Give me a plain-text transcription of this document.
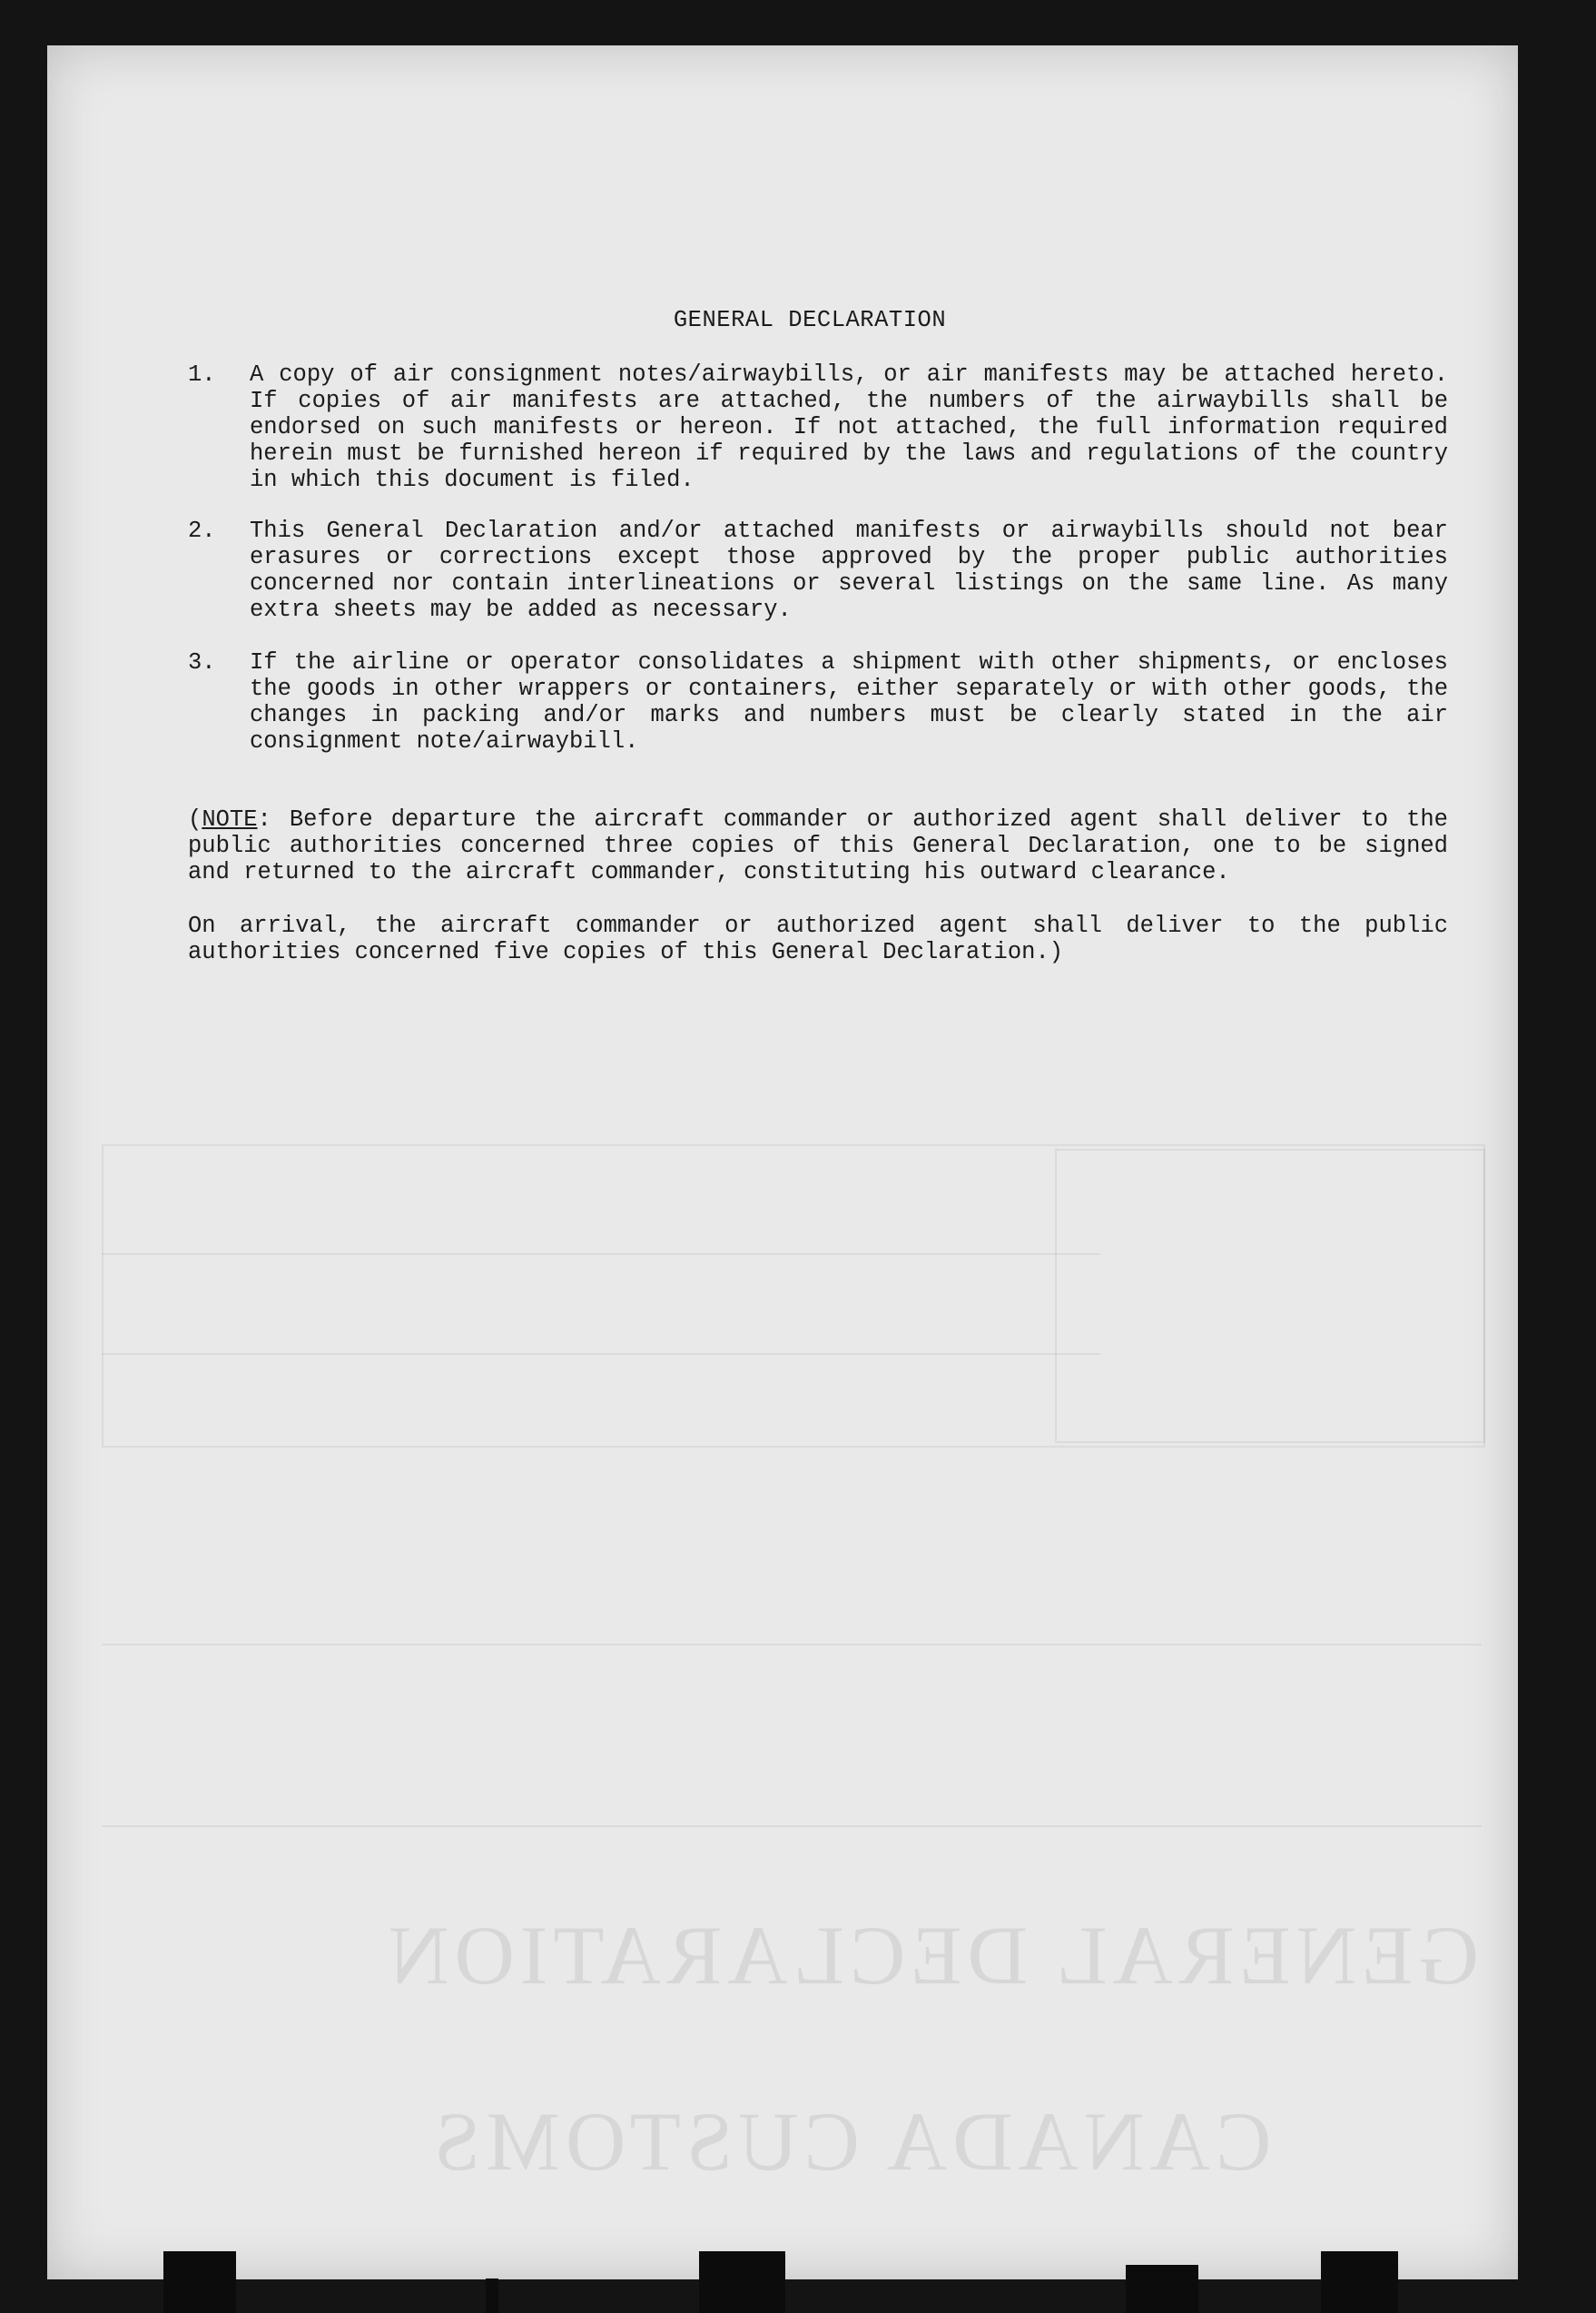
GENERAL DECLARATION
CANADA CUSTOMS
GENERAL DECLARATION
1.	A copy of air consignment notes/airwaybills, or air manifests may be attached hereto. If copies of air manifests are attached, the numbers of the airwaybills shall be endorsed on such manifests or hereon. If not attached, the full information required herein must be furnished hereon if required by the laws and regulations of the country in which this document is filed.
2.	This General Declaration and/or attached manifests or airwaybills should not bear erasures or corrections except those approved by the proper public authorities concerned nor contain interlineations or several listings on the same line. As many extra sheets may be added as necessary.
3.	If the airline or operator consolidates a shipment with other shipments, or encloses the goods in other wrappers or containers, either separately or with other goods, the changes in packing and/or marks and numbers must be clearly stated in the air consignment note/airwaybill.
(NOTE: Before departure the aircraft commander or authorized agent shall deliver to the public authorities concerned three copies of this General Declaration, one to be signed and returned to the aircraft commander, constituting his outward clearance.
On arrival, the aircraft commander or authorized agent shall deliver to the public authorities concerned five copies of this General Declaration.)
